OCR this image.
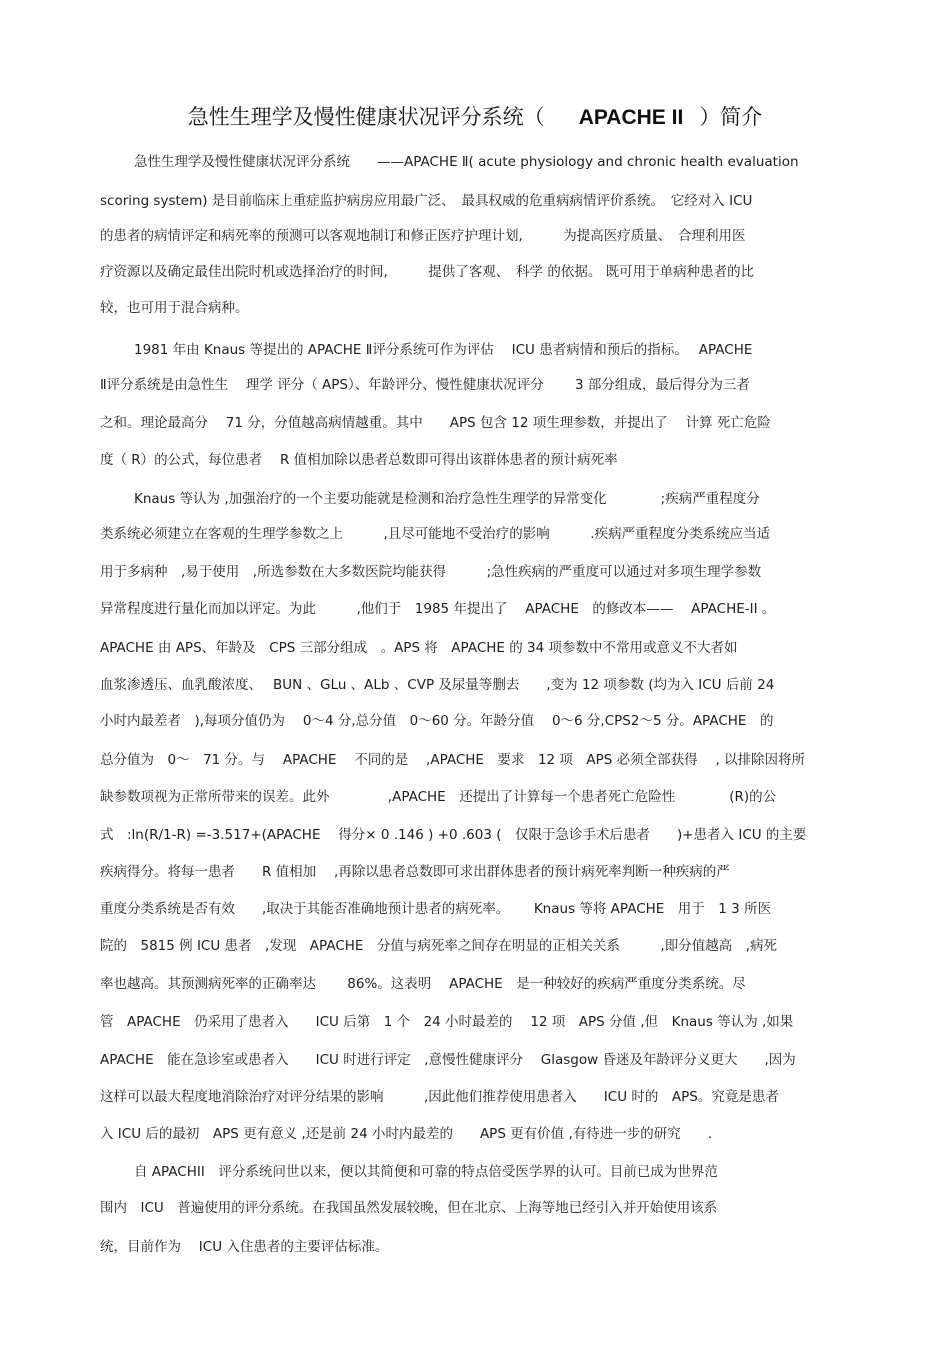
急性生理学及慢性健康状况评分系统（ APACHE II ）简介
急性生理学及慢性健康状况评分系统　　——APACHE Ⅱ( acute physiology and chronic health evaluation
scoring system) 是目前临床上重症监护病房应用最广泛、　最具权威的危重病病情评价系统。　它经对入 ICU
的患者的病情评定和病死率的预测可以客观地制订和修正医疗护理计划,　　　为提高医疗质量、　合理利用医
疗资源以及确定最佳出院时机或选择治疗的时间,　　　提供了客观、　科学 的依据。 既可用于单病种患者的比
较，也可用于混合病种。
1981 年由 Knaus 等提出的 APACHE Ⅱ评分系统可作为评估　 ICU 患者病情和预后的指标。　 APACHE
Ⅱ评分系统是由急性生　 理学 评分（ APS）、年龄评分、慢性健康状况评分　　 3 部分组成，最后得分为三者
之和。理论最高分　 71 分，分值越高病情越重。其中　　APS 包含 12 项生理参数，并提出了　 计算 死亡危险
度（ R）的公式，每位患者　 R 值相加除以患者总数即可得出该群体患者的预计病死率
Knaus 等认为 ,加强治疗的一个主要功能就是检测和治疗急性生理学的异常变化　　　　;疾病严重程度分
类系统必须建立在客观的生理学参数之上　　　,且尽可能地不受治疗的影响　　　.疾病严重程度分类系统应当适
用于多病种　,易于使用　,所选参数在大多数医院均能获得　　　;急性疾病的严重度可以通过对多项生理学参数
异常程度进行量化而加以评定。为此　　　,他们于　1985 年提出了　 APACHE　的修改本——　 APACHE-II 。
APACHE 由 APS、年龄及　CPS 三部分组成　。APS 将　APACHE 的 34 项参数中不常用或意义不大者如
血浆渗透压、血乳酸浓度、　 BUN 、GLu 、ALb 、CVP 及尿量等删去　　,变为 12 项参数 (均为入 ICU 后前 24
小时内最差者　),每项分值仍为　 0～4 分,总分值　0～60 分。年龄分值　 0～6 分,CPS2～5 分。APACHE　的
总分值为　0～　71 分。与　 APACHE　 不同的是　 ,APACHE　要求　12 项　APS 必须全部获得　 , 以排除因将所
缺参数项视为正常所带来的误差。此外　　　　 ,APACHE　还提出了计算每一个患者死亡危险性　　　　(R)的公
式　:ln(R/1-R) =-3.517+(APACHE　 得分× 0 .146 ) +0 .603 (　仅限于急诊手术后患者　　)+患者入 ICU 的主要
疾病得分。将每一患者　　R 值相加　 ,再除以患者总数即可求出群体患者的预计病死率判断一种疾病的严
重度分类系统是否有效　　,取决于其能否准确地预计患者的病死率。　　 Knaus 等将 APACHE　用于　1 3 所医
院的　5815 例 ICU 患者　,发现　APACHE　分值与病死率之间存在明显的正相关关系　　　,即分值越高　,病死
率也越高。其预测病死率的正确率达　　 86%。这表明　 APACHE　是一种较好的疾病严重度分类系统。尽
管　APACHE　仍采用了患者入　　ICU 后第　1 个　24 小时最差的　 12 项　APS 分值 ,但　Knaus 等认为 ,如果
APACHE　能在急诊室或患者入　　ICU 时进行评定　,意慢性健康评分　 Glasgow 昏迷及年龄评分义更大　　,因为
这样可以最大程度地消除治疗对评分结果的影响　　　,因此他们推荐使用患者入　　ICU 时的　APS。究竟是患者
入 ICU 后的最初　APS 更有意义 ,还是前 24 小时内最差的　　APS 更有价值 ,有待进一步的研究　　.
自 APACHII　评分系统问世以来，便以其简便和可靠的特点倍受医学界的认可。目前已成为世界范
围内　ICU　普遍使用的评分系统。在我国虽然发展较晚，但在北京、上海等地已经引入并开始使用该系
统，目前作为　 ICU 入住患者的主要评估标准。
